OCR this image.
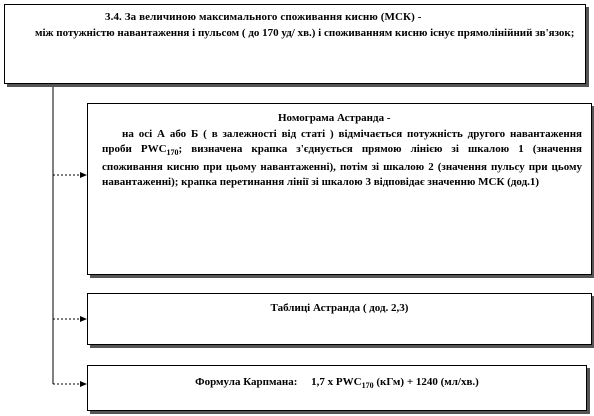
3.4. За величиною максимального споживання кисню (МСК) -
між потужністю навантаження і пульсом ( до 170 уд/ хв.) і споживанням кисню існує прямолінійний зв'язок;
Номограма Астранда -
на осі А або Б ( в залежності від статі ) відмічається потужність другого навантаження проби $PWC_{170}$; визначена крапка з'єднується прямою лінією зі шкалою 1 (значення споживання кисню при цьому навантаженні), потім зі шкалою 2 (значення пульсу при цьому навантаженні); крапка перетинання лінії зі шкалою 3 відповідає значенню МСК (дод.1)
Таблиці Астранда ( дод. 2,3)
Формула Карпмана: 1,7 х $PWC_{170}$ (кГм) + 1240 (мл/хв.)
